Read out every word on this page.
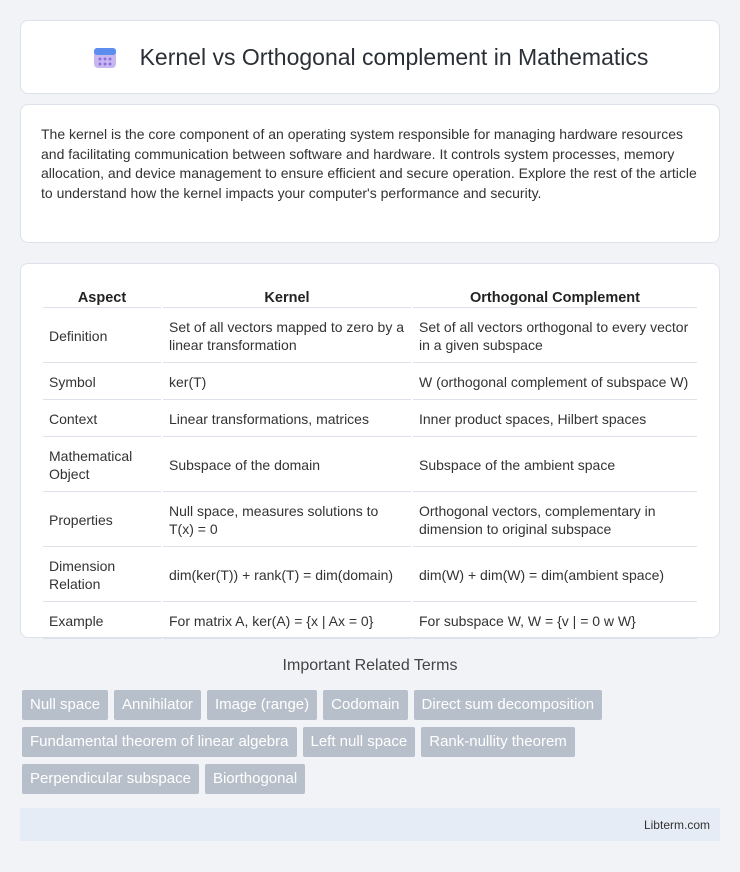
Kernel vs Orthogonal complement in Mathematics

The kernel is the core component of an operating system responsible for managing hardware resources and facilitating communication between software and hardware. It controls system processes, memory allocation, and device management to ensure efficient and secure operation. Explore the rest of the article to understand how the kernel impacts your computer's performance and security.

Aspect	Kernel	Orthogonal Complement
Definition	Set of all vectors mapped to zero by a linear transformation	Set of all vectors orthogonal to every vector in a given subspace
Symbol	ker(T)	W (orthogonal complement of subspace W)
Context	Linear transformations, matrices	Inner product spaces, Hilbert spaces
Mathematical Object	Subspace of the domain	Subspace of the ambient space
Properties	Null space, measures solutions to T(x) = 0	Orthogonal vectors, complementary in dimension to original subspace
Dimension Relation	dim(ker(T)) + rank(T) = dim(domain)	dim(W) + dim(W) = dim(ambient space)
Example	For matrix A, ker(A) = {x | Ax = 0}	For subspace W, W = {v | = 0 w W}
Important Related Terms
Null space	Annihilator	Image (range)	Codomain	Direct sum decomposition
Fundamental theorem of linear algebra	Left null space	Rank-nullity theorem
Perpendicular subspace	Biorthogonal
Libterm.com
